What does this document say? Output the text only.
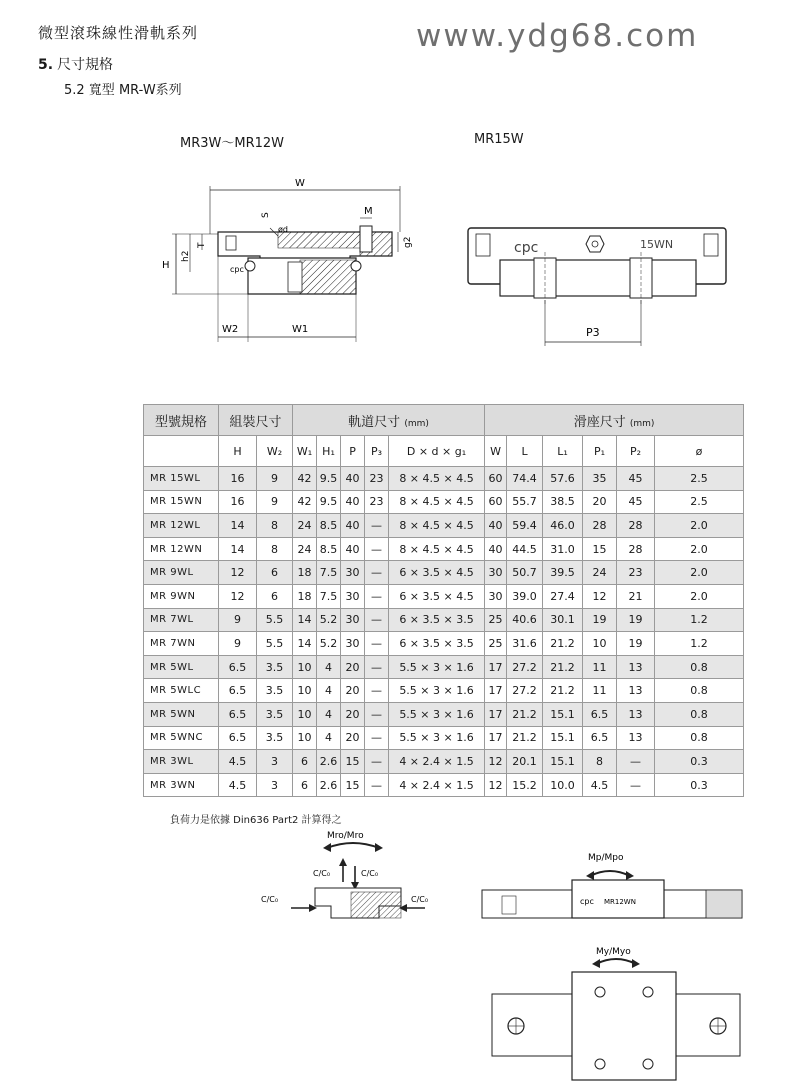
微型滾珠線性滑軌系列	www.ydg68.com
5. 尺寸規格
5.2 寬型 MR-W系列
MR3W～MR12W	MR15W
W
cpc
M
S
ød
g2
H
h2
T
W2	W1
cpc	15WN
P3
型號規格	組裝尺寸		軌道尺寸 (mm)					滑座尺寸 (mm)					
	H	W₂	W₁	H₁	P	P₃	D × d × g₁	W	L	L₁	P₁	P₂	ø
MR 15WL	16	9	42	9.5	40	23	8 × 4.5 × 4.5	60	74.4	57.6	35	45	2.5
MR 15WN	16	9	42	9.5	40	23	8 × 4.5 × 4.5	60	55.7	38.5	20	45	2.5
MR 12WL	14	8	24	8.5	40	—	8 × 4.5 × 4.5	40	59.4	46.0	28	28	2.0
MR 12WN	14	8	24	8.5	40	—	8 × 4.5 × 4.5	40	44.5	31.0	15	28	2.0
MR 9WL	12	6	18	7.5	30	—	6 × 3.5 × 4.5	30	50.7	39.5	24	23	2.0
MR 9WN	12	6	18	7.5	30	—	6 × 3.5 × 4.5	30	39.0	27.4	12	21	2.0
MR 7WL	9	5.5	14	5.2	30	—	6 × 3.5 × 3.5	25	40.6	30.1	19	19	1.2
MR 7WN	9	5.5	14	5.2	30	—	6 × 3.5 × 3.5	25	31.6	21.2	10	19	1.2
MR 5WL	6.5	3.5	10	4	20	—	5.5 × 3 × 1.6	17	27.2	21.2	11	13	0.8
MR 5WLC	6.5	3.5	10	4	20	—	5.5 × 3 × 1.6	17	27.2	21.2	11	13	0.8
MR 5WN	6.5	3.5	10	4	20	—	5.5 × 3 × 1.6	17	21.2	15.1	6.5	13	0.8
MR 5WNC	6.5	3.5	10	4	20	—	5.5 × 3 × 1.6	17	21.2	15.1	6.5	13	0.8
MR 3WL	4.5	3	6	2.6	15	—	4 × 2.4 × 1.5	12	20.1	15.1	8	—	0.3
MR 3WN	4.5	3	6	2.6	15	—	4 × 2.4 × 1.5	12	15.2	10.0	4.5	—	0.3
負荷力是依據 Din636 Part2 計算得之
Mro/Mro
C/C₀	C/C₀
C/C₀	C/C₀
Mp/Mpo
cpc MR12WN
My/Myo
